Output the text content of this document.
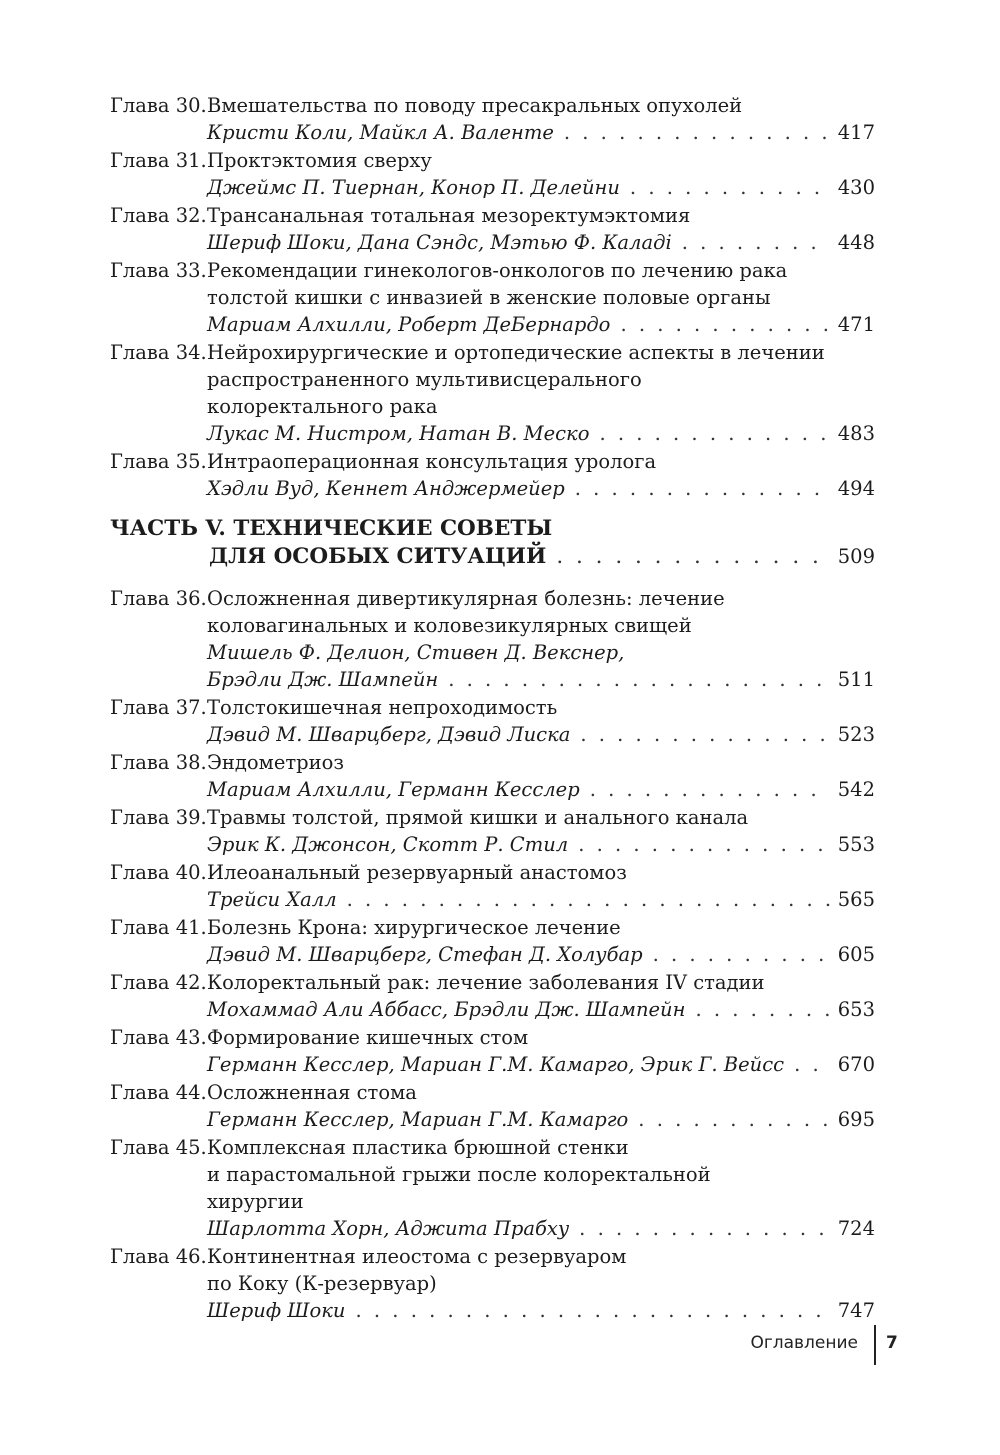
Глава 30. Вмешательства по поводу пресакральных опухолей
Кристи Коли, Майкл А. Валенте . . .	417
Глава 31. Проктэктомия сверху
Джеймс П. Тиернан, Конор П. Делейни . . .	430
Глава 32. Трансанальная тотальная мезоректумэктомия
Шериф Шоки, Дана Сэндс, Мэтью Ф. Каладі . . .	448
Глава 33. Рекомендации гинекологов-онкологов по лечению рака
толстой кишки с инвазией в женские половые органы
Мариам Алхилли, Роберт ДеБернардо . . .	471
Глава 34. Нейрохирургические и ортопедические аспекты в лечении
распространенного мультивисцерального
колоректального рака
Лукас М. Нистром, Натан В. Меско . . .	483
Глава 35. Интраоперационная консультация уролога
Хэдли Вуд, Кеннет Анджермейер . . .	494
ЧАСТЬ V. ТЕХНИЧЕСКИЕ СОВЕТЫ
ДЛЯ ОСОБЫХ СИТУАЦИЙ . . .	509
Глава 36. Осложненная дивертикулярная болезнь: лечение
коловагинальных и коловезикулярных свищей
Мишель Ф. Делион, Стивен Д. Векснер,
Брэдли Дж. Шампейн . . .	511
Глава 37. Толстокишечная непроходимость
Дэвид М. Шварцберг, Дэвид Лиска . . .	523
Глава 38. Эндометриоз
Мариам Алхилли, Германн Кесслер . . .	542
Глава 39. Травмы толстой, прямой кишки и анального канала
Эрик К. Джонсон, Скотт Р. Стил . . .	553
Глава 40. Илеоанальный резервуарный анастомоз
Трейси Халл . . .	565
Глава 41. Болезнь Крона: хирургическое лечение
Дэвид М. Шварцберг, Стефан Д. Холубар . . .	605
Глава 42. Колоректальный рак: лечение заболевания IV стадии
Мохаммад Али Аббасс, Брэдли Дж. Шампейн . . .	653
Глава 43. Формирование кишечных стом
Германн Кесслер, Мариан Г.М. Камарго, Эрик Г. Вейсс . . .	670
Глава 44. Осложненная стома
Германн Кесслер, Мариан Г.М. Камарго . . .	695
Глава 45. Комплексная пластика брюшной стенки
и парастомальной грыжи после колоректальной
хирургии
Шарлотта Хорн, Аджита Прабху . . .	724
Глава 46. Континентная илеостома с резервуаром
по Коку (К-резервуар)
Шериф Шоки . . .	747
Оглавление 7
